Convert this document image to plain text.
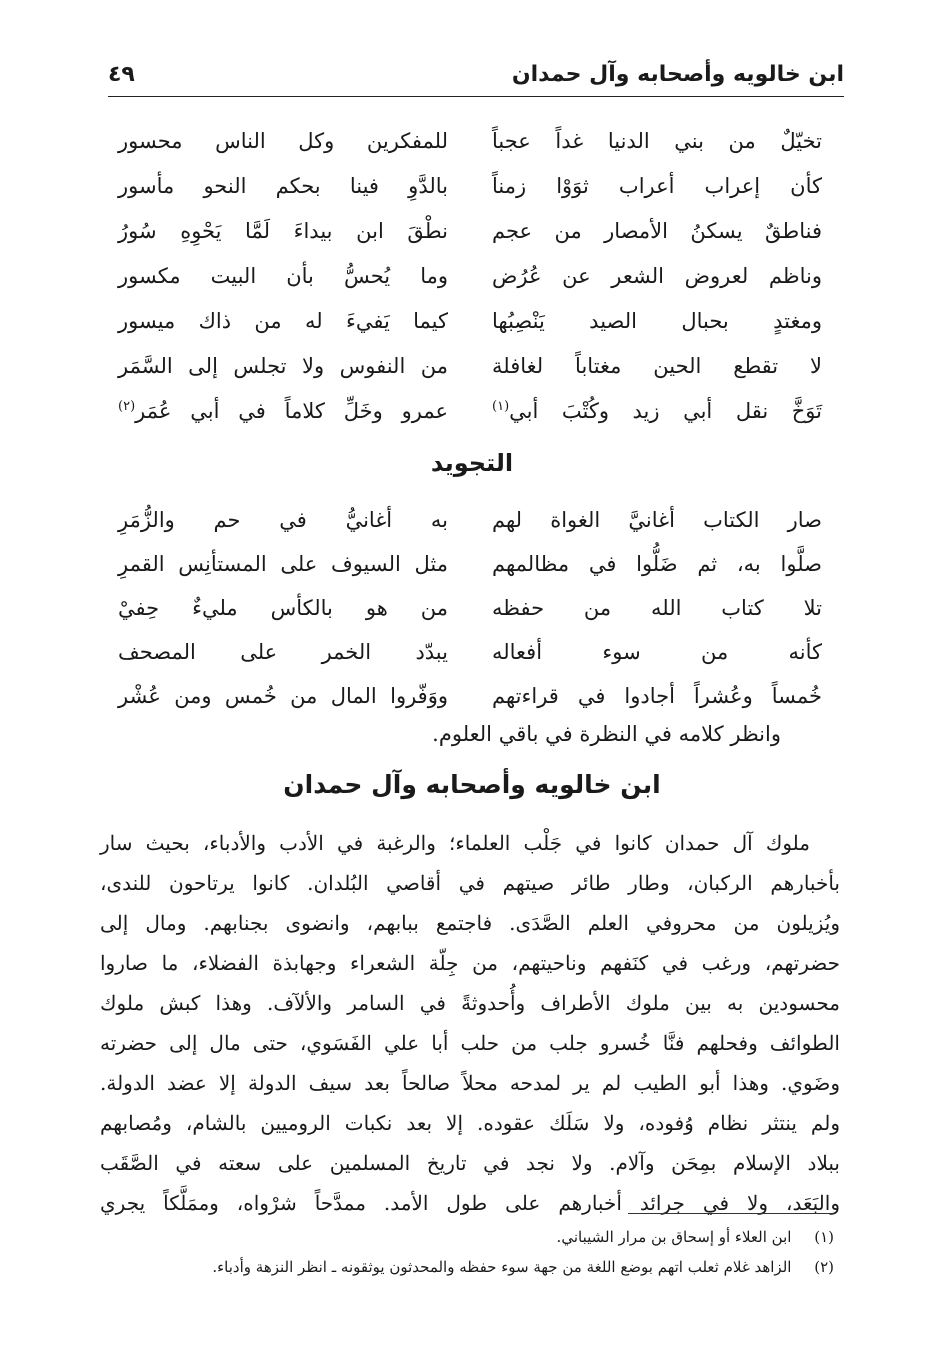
ابن خالويه وأصحابه وآل حمدان
٤٩
تخيّلٌ من بني الدنيا غداً عجباً
للمفكرين وكل الناس محسور
كأن إعراب أعراب ثوَوْا زمناً
بالدَّوِ فينا بحكم النحو مأسور
فناطقٌ يسكنُ الأمصار من عجم
نطْقَ ابن بيداءَ لَمَّا يَحْوِهِ سُورُ
وناظم لعروض الشعر عن عُرُض
وما يُحسُّ بأن البيت مكسور
ومغتدٍ بحبال الصيد يَنْصِبُها
كيما يَفيءَ له من ذاك ميسور
لا تقطع الحين مغتاباً لغافلة
من النفوس ولا تجلس إلى السَّمَر
تَوَخَّ نقل أبي زيد وكُتْبَ أبي$^{(١)}$
عمرو وخَلِّ كلاماً في أبي عُمَر$^{(٢)}$
التجويد
صار الكتاب أغانيَّ الغواة لهم
به أغانيُّ في حم والزُّمَرِ
صلَّوا به، ثم ضَلُّوا في مظالمهم
مثل السيوف على المستأنِس القمرِ
تلا كتاب الله من حفظه
من هو بالكأس مليءٌ حِفيْ
كأنه من سوء أفعاله
يبدّد الخمر على المصحف
خُمساً وعُشراً أجادوا في قراءتهم
ووَفّروا المال من خُمس ومن عُشْر
وانظر كلامه في النظرة في باقي العلوم.
ابن خالويه وأصحابه وآل حمدان
ملوك آل حمدان كانوا في جَلْب العلماء؛ والرغبة في الأدب والأدباء، بحيث سار
بأخبارهم الركبان، وطار طائر صيتهم في أقاصي البُلدان. كانوا يرتاحون للندى،
ويُزيلون من محروفي العلم الصَّدَى. فاجتمع ببابهم، وانضوى بجنابهم. ومال إلى
حضرتهم، ورغب في كنَفهم وناحيتهم، من جِلّة الشعراء وجهابذة الفضلاء، ما صاروا
محسودين به بين ملوك الأطراف وأُحدوثةً في السامر والألآف. وهذا كبش ملوك
الطوائف وفحلهم فنَّا خُسرو جلب من حلب أبا علي الفَسَوي، حتى مال إلى حضرته
وضَوي. وهذا أبو الطيب لم ير لمدحه محلاً صالحاً بعد سيف الدولة إلا عضد الدولة.
ولم ينتثر نظام وُفوده، ولا سَلَك عقوده. إلا بعد نكبات الروميين بالشام، ومُصابهم
ببلاد الإسلام بمِحَن وآلام. ولا نجد في تاريخ المسلمين على سعته في الصَّقَب
والبَعَد، ولا في جرائد أخبارهم على طول الأمد. ممدَّحاً شرْواه، وممَلَّكاً يجري
(١) ابن العلاء أو إسحاق بن مرار الشيباني.
(٢) الزاهد غلام ثعلب اتهم بوضع اللغة من جهة سوء حفظه والمحدثون يوثقونه ـ انظر النزهة وأدباء.
